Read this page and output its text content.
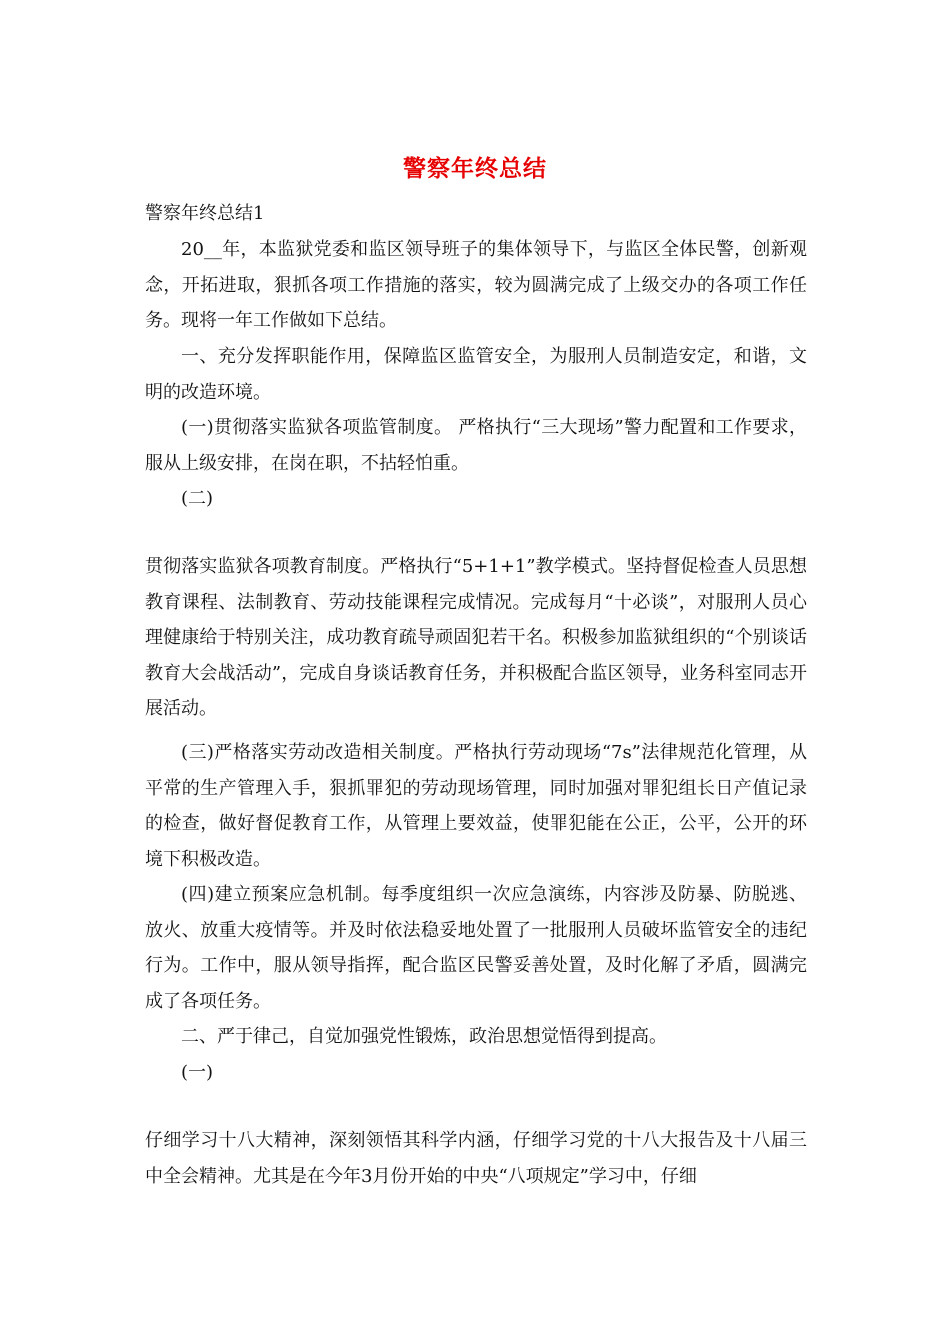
警察年终总结

警察年终总结1

20__年，本监狱党委和监区领导班子的集体领导下，与监区全体民警，创新观念，开拓进取，狠抓各项工作措施的落实，较为圆满完成了上级交办的各项工作任务。现将一年工作做如下总结。

一、充分发挥职能作用，保障监区监管安全，为服刑人员制造安定，和谐，文明的改造环境。

(一)贯彻落实监狱各项监管制度。 严格执行“三大现场”警力配置和工作要求，服从上级安排，在岗在职，不拈轻怕重。

(二)

贯彻落实监狱各项教育制度。严格执行“5+1+1”教学模式。坚持督促检查人员思想教育课程、法制教育、劳动技能课程完成情况。完成每月“十必谈”，对服刑人员心理健康给于特别关注，成功教育疏导顽固犯若干名。积极参加监狱组织的“个别谈话教育大会战活动”，完成自身谈话教育任务，并积极配合监区领导，业务科室同志开展活动。

(三)严格落实劳动改造相关制度。严格执行劳动现场“7s”法律规范化管理，从平常的生产管理入手，狠抓罪犯的劳动现场管理，同时加强对罪犯组长日产值记录的检查，做好督促教育工作，从管理上要效益，使罪犯能在公正，公平，公开的环境下积极改造。

(四)建立预案应急机制。每季度组织一次应急演练，内容涉及防暴、防脱逃、放火、放重大疫情等。并及时依法稳妥地处置了一批服刑人员破坏监管安全的违纪行为。工作中，服从领导指挥，配合监区民警妥善处置，及时化解了矛盾，圆满完成了各项任务。

二、严于律己，自觉加强党性锻炼，政治思想觉悟得到提高。

(一)

仔细学习十八大精神，深刻领悟其科学内涵，仔细学习党的十八大报告及十八届三中全会精神。尤其是在今年3月份开始的中央“八项规定”学习中，仔细
